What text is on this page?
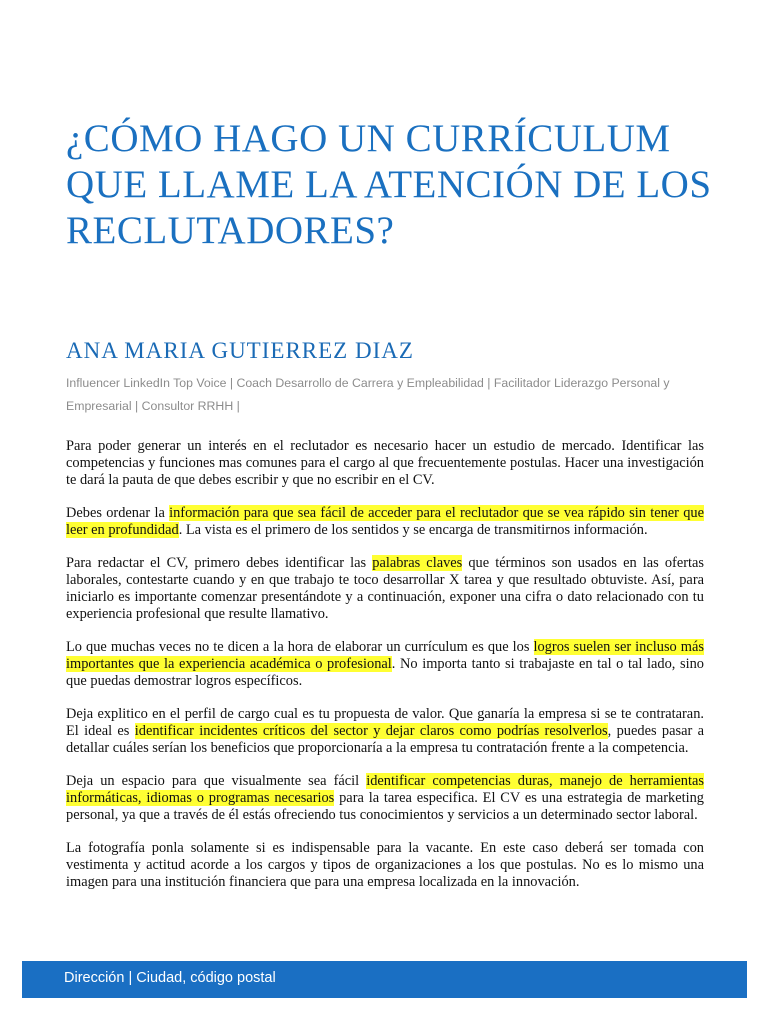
¿CÓMO HAGO UN CURRÍCULUM QUE LLAME LA ATENCIÓN DE LOS RECLUTADORES?
ANA MARIA GUTIERREZ DIAZ

Influencer LinkedIn Top Voice | Coach Desarrollo de Carrera y Empleabilidad | Facilitador Liderazgo Personal y Empresarial | Consultor RRHH |

Para poder generar un interés en el reclutador es necesario hacer un estudio de mercado. Identificar las competencias y funciones mas comunes para el cargo al que frecuentemente postulas. Hacer una investigación te dará la pauta de que debes escribir y que no escribir en el CV.

Debes ordenar la información para que sea fácil de acceder para el reclutador que se vea rápido sin tener que leer en profundidad. La vista es el primero de los sentidos y se encarga de transmitirnos información.

Para redactar el CV, primero debes identificar las palabras claves que términos son usados en las ofertas laborales, contestarte cuando y en que trabajo te toco desarrollar X tarea y que resultado obtuviste. Así, para iniciarlo es importante comenzar presentándote y a continuación, exponer una cifra o dato relacionado con tu experiencia profesional que resulte llamativo.

Lo que muchas veces no te dicen a la hora de elaborar un currículum es que los logros suelen ser incluso más importantes que la experiencia académica o profesional. No importa tanto si trabajaste en tal o tal lado, sino que puedas demostrar logros específicos.

Deja explitico en el perfil de cargo cual es tu propuesta de valor. Que ganaría la empresa si se te contrataran. El ideal es identificar incidentes críticos del sector y dejar claros como podrías resolverlos, puedes pasar a detallar cuáles serían los beneficios que proporcionaría a la empresa tu contratación frente a la competencia.

Deja un espacio para que visualmente sea fácil identificar competencias duras, manejo de herramientas informáticas, idiomas o programas necesarios para la tarea especifica. El CV es una estrategia de marketing personal, ya que a través de él estás ofreciendo tus conocimientos y servicios a un determinado sector laboral.

La fotografía ponla solamente si es indispensable para la vacante. En este caso deberá ser tomada con vestimenta y actitud acorde a los cargos y tipos de organizaciones a los que postulas. No es lo mismo una imagen para una institución financiera que para una empresa localizada en la innovación.

Dirección | Ciudad, código postal
